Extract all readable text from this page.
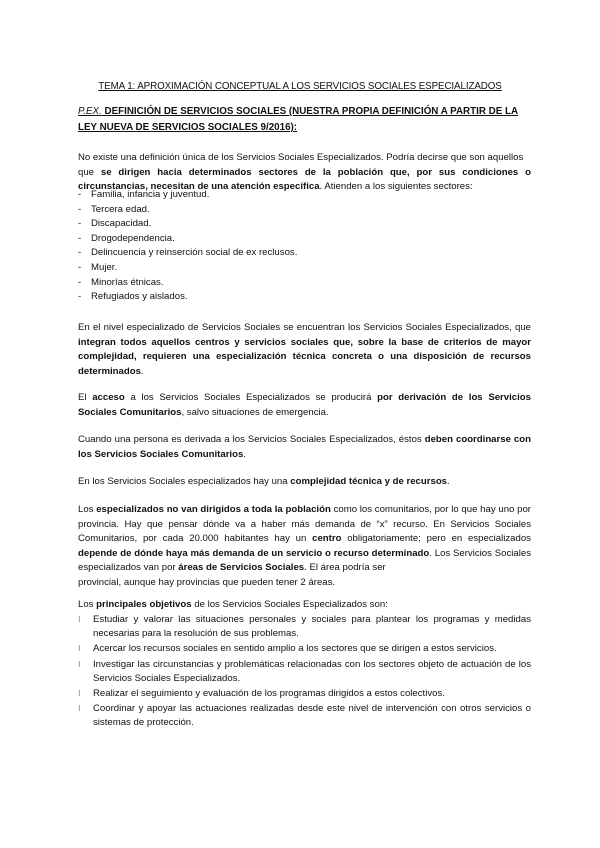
TEMA 1: APROXIMACIÓN CONCEPTUAL A LOS SERVICIOS SOCIALES ESPECIALIZADOS
P.EX. DEFINICIÓN DE SERVICIOS SOCIALES (NUESTRA PROPIA DEFINICIÓN A PARTIR DE LA LEY NUEVA DE SERVICIOS SOCIALES 9/2016):
No existe una definición única de los Servicios Sociales Especializados. Podría decirse que son aquellos
que se dirigen hacia determinados sectores de la población que, por sus condiciones o circunstancias, necesitan de una atención específica. Atienden a los siguientes sectores:
- Familia, infancia y juventud.
- Tercera edad.
- Discapacidad.
- Drogodependencia.
- Delincuencia y reinserción social de ex reclusos.
- Mujer.
- Minorías étnicas.
- Refugiados y aislados.
En el nivel especializado de Servicios Sociales se encuentran los Servicios Sociales Especializados, que integran todos aquellos centros y servicios sociales que, sobre la base de criterios de mayor complejidad, requieren una especialización técnica concreta o una disposición de recursos determinados.
El acceso a los Servicios Sociales Especializados se producirá por derivación de los Servicios Sociales Comunitarios, salvo situaciones de emergencia.
Cuando una persona es derivada a los Servicios Sociales Especializados, éstos deben coordinarse con los Servicios Sociales Comunitarios.
En los Servicios Sociales especializados hay una complejidad técnica y de recursos.
Los especializados no van dirigidos a toda la población como los comunitarios, por lo que hay uno por provincia. Hay que pensar dónde va a haber más demanda de “x” recurso. En Servicios Sociales Comunitarios, por cada 20.000 habitantes hay un centro obligatoriamente; pero en especializados depende de dónde haya más demanda de un servicio o recurso determinado. Los Servicios Sociales especializados van por áreas de Servicios Sociales. El área podría ser
provincial, aunque hay provincias que pueden tener 2 áreas.
Los principales objetivos de los Servicios Sociales Especializados son:
⁝ Estudiar y valorar las situaciones personales y sociales para plantear los programas y medidas necesarias para la resolución de sus problemas.
⁝ Acercar los recursos sociales en sentido amplio a los sectores que se dirigen a estos servicios.
⁝ Investigar las circunstancias y problemáticas relacionadas con los sectores objeto de actuación de los Servicios Sociales Especializados.
⁝ Realizar el seguimiento y evaluación de los programas dirigidos a estos colectivos.
⁝ Coordinar y apoyar las actuaciones realizadas desde este nivel de intervención con otros servicios o sistemas de protección.
